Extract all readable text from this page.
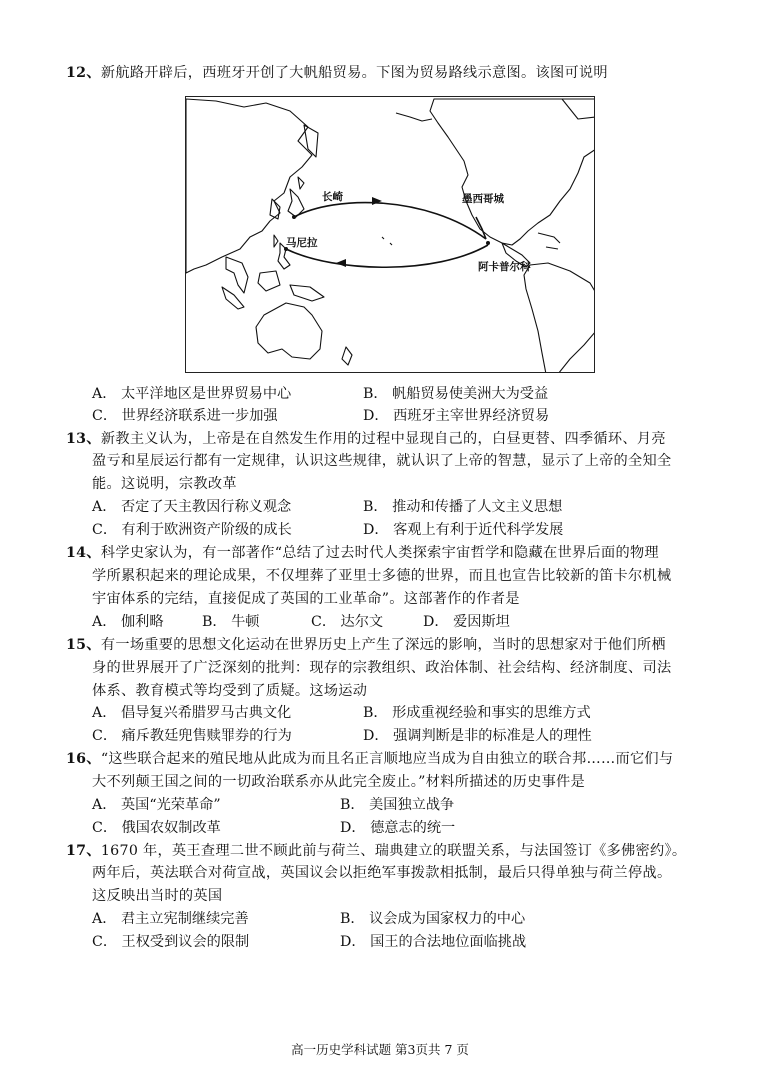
12、新航路开辟后，西班牙开创了大帆船贸易。下图为贸易路线示意图。该图可说明
长崎
马尼拉
墨西哥城
阿卡普尔科
A． 太平洋地区是世界贸易中心	B． 帆船贸易使美洲大为受益
C． 世界经济联系进一步加强	D． 西班牙主宰世界经济贸易
13、新教主义认为，上帝是在自然发生作用的过程中显现自己的，白昼更替、四季循环、月亮
盈亏和星辰运行都有一定规律，认识这些规律，就认识了上帝的智慧，显示了上帝的全知全
能。这说明，宗教改革
A． 否定了天主教因行称义观念	B． 推动和传播了人文主义思想
C． 有利于欧洲资产阶级的成长	D． 客观上有利于近代科学发展
14、科学史家认为，有一部著作“总结了过去时代人类探索宇宙哲学和隐藏在世界后面的物理
学所累积起来的理论成果，不仅埋葬了亚里士多德的世界，而且也宣告比较新的笛卡尔机械
宇宙体系的完结，直接促成了英国的工业革命”。这部著作的作者是
A． 伽利略	B． 牛顿	C． 达尔文	D． 爱因斯坦
15、有一场重要的思想文化运动在世界历史上产生了深远的影响，当时的思想家对于他们所栖
身的世界展开了广泛深刻的批判：现存的宗教组织、政治体制、社会结构、经济制度、司法
体系、教育模式等均受到了质疑。这场运动
A． 倡导复兴希腊罗马古典文化	B． 形成重视经验和事实的思维方式
C． 痛斥教廷兜售赎罪券的行为	D． 强调判断是非的标准是人的理性
16、“这些联合起来的殖民地从此成为而且名正言顺地应当成为自由独立的联合邦……而它们与
大不列颠王国之间的一切政治联系亦从此完全废止。”材料所描述的历史事件是
A． 英国“光荣革命”	B． 美国独立战争
C． 俄国农奴制改革	D． 德意志的统一
17、1670 年，英王查理二世不顾此前与荷兰、瑞典建立的联盟关系，与法国签订《多佛密约》。
两年后，英法联合对荷宣战，英国议会以拒绝军事拨款相抵制，最后只得单独与荷兰停战。
这反映出当时的英国
A． 君主立宪制继续完善	B． 议会成为国家权力的中心
C． 王权受到议会的限制	D． 国王的合法地位面临挑战
高一历史学科试题 第3页共 7 页
